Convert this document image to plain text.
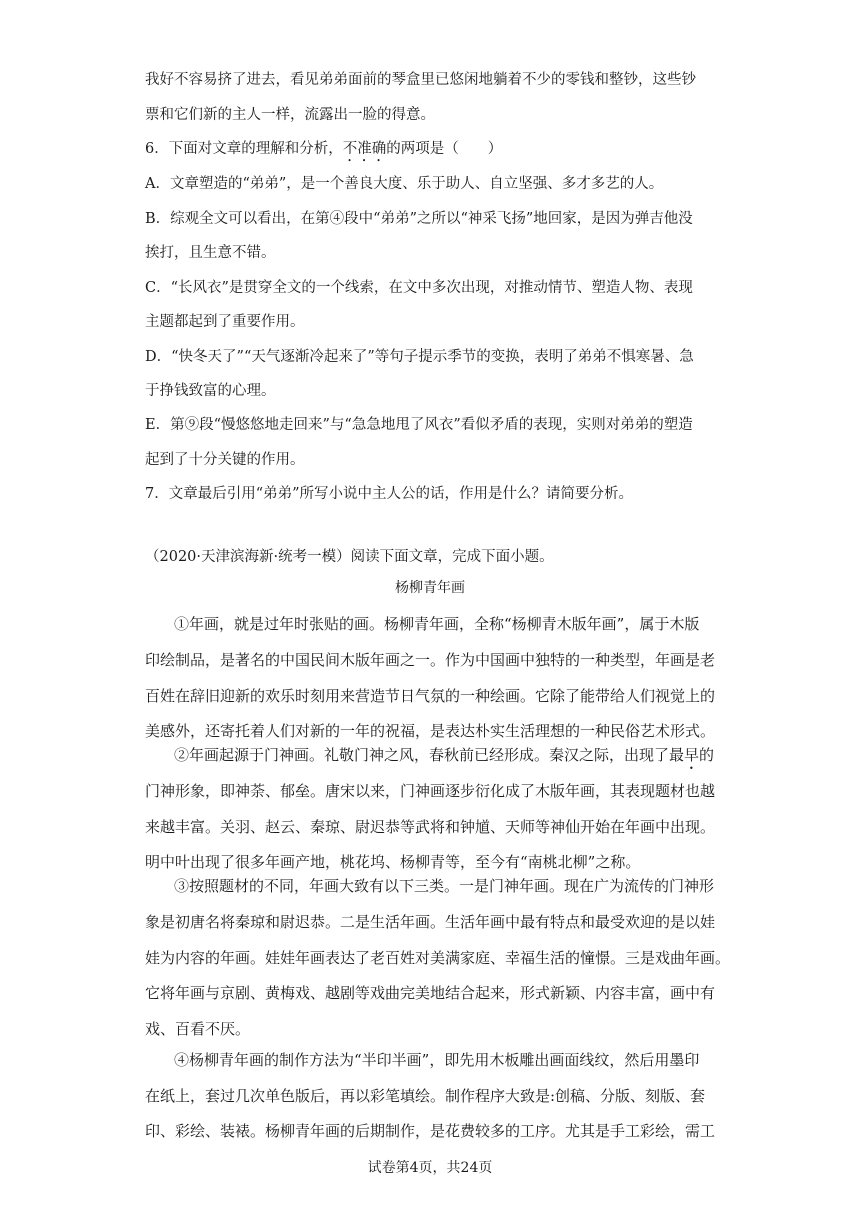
我好不容易挤了进去，看见弟弟面前的琴盒里已悠闲地躺着不少的零钱和整钞，这些钞
票和它们新的主人一样，流露出一脸的得意。
6．下面对文章的理解和分析，不准确的两项是（　　）
A．文章塑造的“弟弟”，是一个善良大度、乐于助人、自立坚强、多才多艺的人。
B．综观全文可以看出，在第④段中“弟弟”之所以“神采飞扬”地回家，是因为弹吉他没
挨打，且生意不错。
C．“长风衣”是贯穿全文的一个线索，在文中多次出现，对推动情节、塑造人物、表现
主题都起到了重要作用。
D．“快冬天了”“天气逐渐冷起来了”等句子提示季节的变换，表明了弟弟不惧寒暑、急
于挣钱致富的心理。
E．第⑨段“慢悠悠地走回来”与“急急地甩了风衣”看似矛盾的表现，实则对弟弟的塑造
起到了十分关键的作用。
7．文章最后引用“弟弟”所写小说中主人公的话，作用是什么？请简要分析。
（2020·天津滨海新·统考一模）阅读下面文章，完成下面小题。
杨柳青年画
①年画，就是过年时张贴的画。杨柳青年画，全称“杨柳青木版年画”，属于木版
印绘制品，是著名的中国民间木版年画之一。作为中国画中独特的一种类型，年画是老
百姓在辞旧迎新的欢乐时刻用来营造节日气氛的一种绘画。它除了能带给人们视觉上的
美感外，还寄托着人们对新的一年的祝福，是表达朴实生活理想的一种民俗艺术形式。
②年画起源于门神画。礼敬门神之风，春秋前已经形成。秦汉之际，出现了最早的
门神形象，即神荼、郁垒。唐宋以来，门神画逐步衍化成了木版年画，其表现题材也越
来越丰富。关羽、赵云、秦琼、尉迟恭等武将和钟馗、天师等神仙开始在年画中出现。
明中叶出现了很多年画产地，桃花坞、杨柳青等，至今有“南桃北柳”之称。
③按照题材的不同，年画大致有以下三类。一是门神年画。现在广为流传的门神形
象是初唐名将秦琼和尉迟恭。二是生活年画。生活年画中最有特点和最受欢迎的是以娃
娃为内容的年画。娃娃年画表达了老百姓对美满家庭、幸福生活的憧憬。三是戏曲年画。
它将年画与京剧、黄梅戏、越剧等戏曲完美地结合起来，形式新颖、内容丰富，画中有
戏、百看不厌。
④杨柳青年画的制作方法为“半印半画”，即先用木板雕出画面线纹，然后用墨印
在纸上，套过几次单色版后，再以彩笔填绘。制作程序大致是:创稿、分版、刻版、套
印、彩绘、装裱。杨柳青年画的后期制作，是花费较多的工序。尤其是手工彩绘，需工
试卷第4页，共24页
